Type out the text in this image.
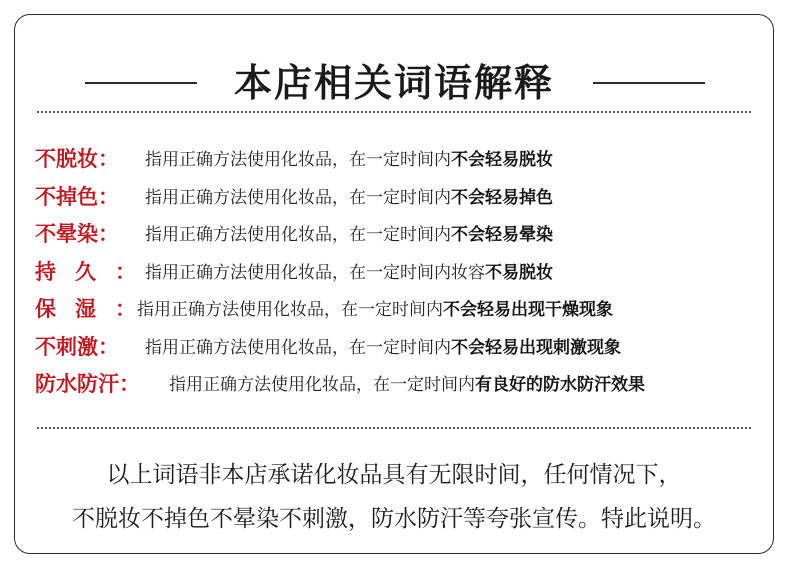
本店相关词语解释
不脱妆： 指用正确方法使用化妆品，在一定时间内不会轻易脱妆
不掉色： 指用正确方法使用化妆品，在一定时间内不会轻易掉色
不晕染： 指用正确方法使用化妆品，在一定时间内不会轻易晕染
持久：
指用正确方法使用化妆品，在一定时间内妆容不易脱妆
保湿：
指用正确方法使用化妆品，在一定时间内不会轻易出现干燥现象
不刺激： 指用正确方法使用化妆品，在一定时间内不会轻易出现刺激现象
防水防汗： 指用正确方法使用化妆品，在一定时间内有良好的防水防汗效果
以上词语非本店承诺化妆品具有无限时间，任何情况下，
不脱妆不掉色不晕染不刺激，防水防汗等夸张宣传。特此说明。
